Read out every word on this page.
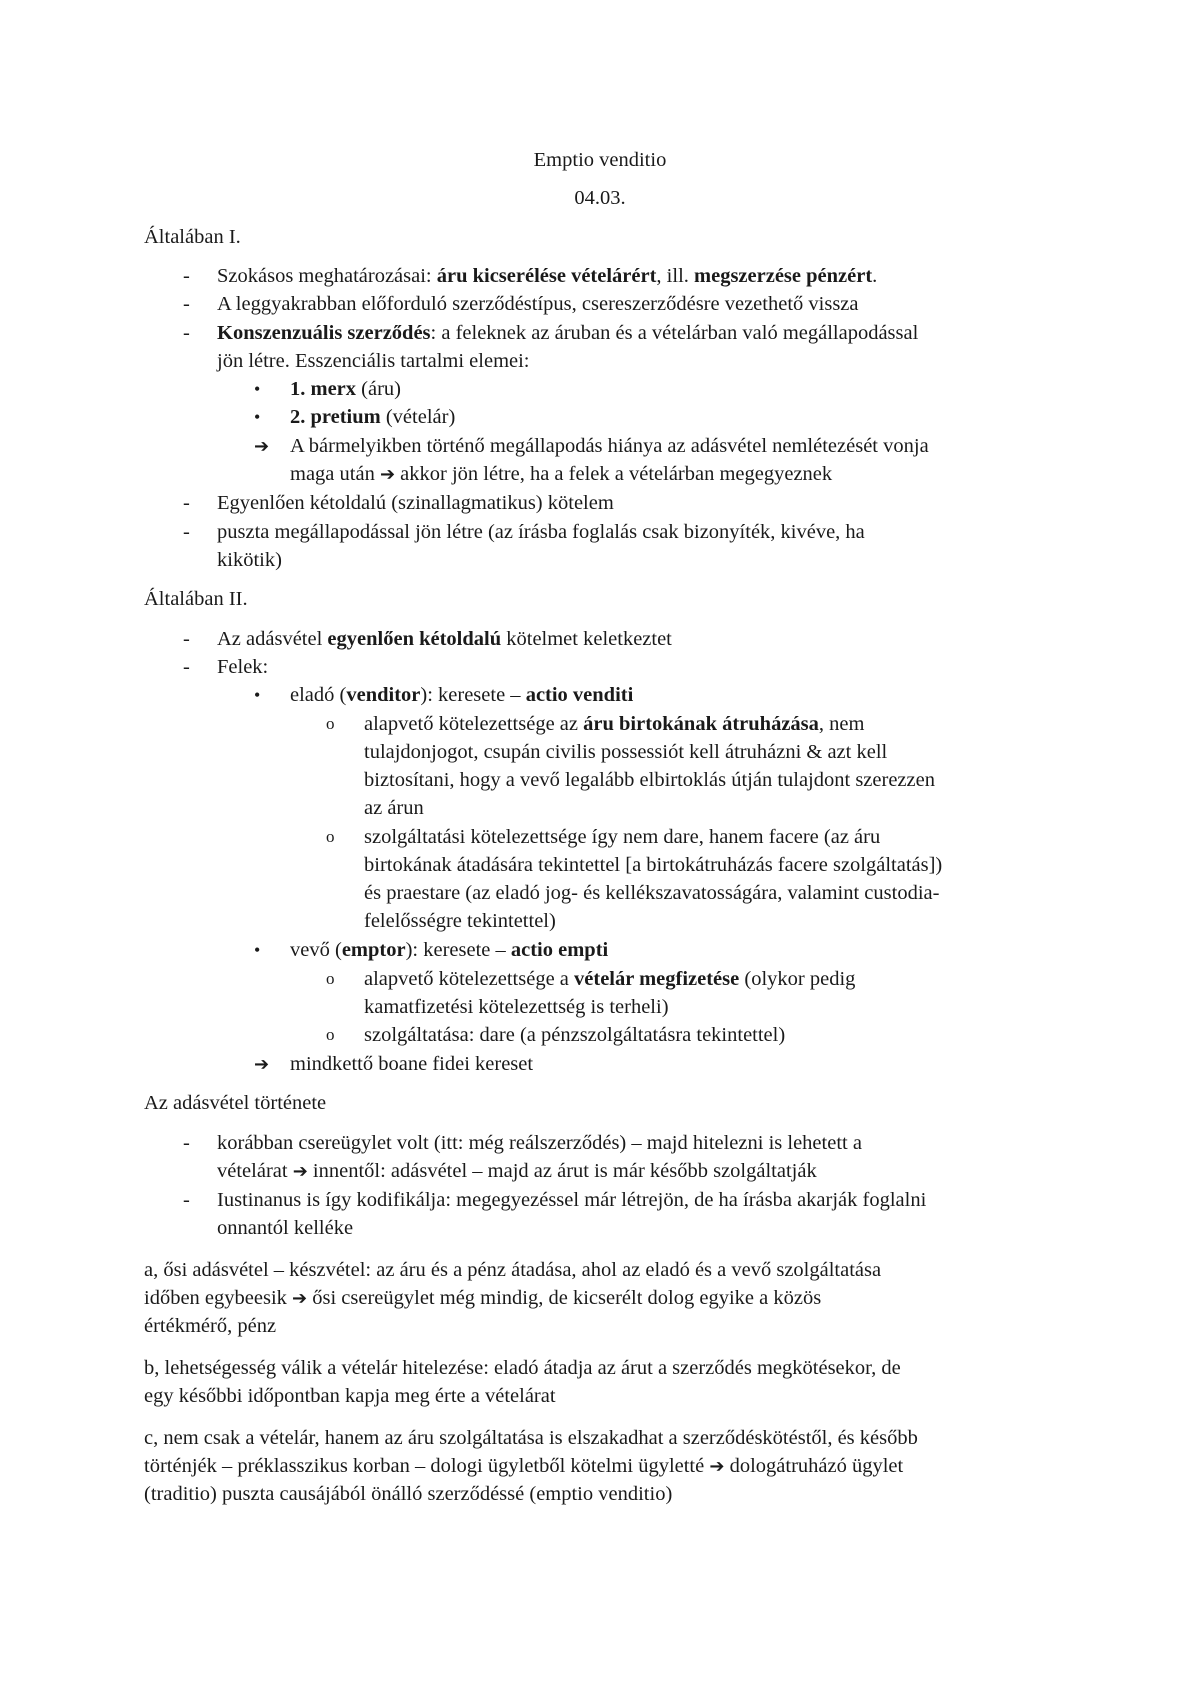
Emptio venditio
04.03.
Általában I.
- Szokásos meghatározásai: áru kicserélése vételárért, ill. megszerzése pénzért.
- A leggyakrabban előforduló szerződéstípus, csereszerződésre vezethető vissza
- Konszenzuális szerződés: a feleknek az áruban és a vételárban való megállapodással
jön létre. Esszenciális tartalmi elemei:
• 1. merx (áru)
• 2. pretium (vételár)
➔ A bármelyikben történő megállapodás hiánya az adásvétel nemlétezését vonja
maga után ➔ akkor jön létre, ha a felek a vételárban megegyeznek
- Egyenlően kétoldalú (szinallagmatikus) kötelem
- puszta megállapodással jön létre (az írásba foglalás csak bizonyíték, kivéve, ha
kikötik)
Általában II.
- Az adásvétel egyenlően kétoldalú kötelmet keletkeztet
- Felek:
• eladó (venditor): keresete – actio venditi
o alapvető kötelezettsége az áru birtokának átruházása, nem
tulajdonjogot, csupán civilis possessiót kell átruházni & azt kell
biztosítani, hogy a vevő legalább elbirtoklás útján tulajdont szerezzen
az árun
o szolgáltatási kötelezettsége így nem dare, hanem facere (az áru
birtokának átadására tekintettel [a birtokátruházás facere szolgáltatás])
és praestare (az eladó jog- és kellékszavatosságára, valamint custodia-
felelősségre tekintettel)
• vevő (emptor): keresete – actio empti
o alapvető kötelezettsége a vételár megfizetése (olykor pedig
kamatfizetési kötelezettség is terheli)
o szolgáltatása: dare (a pénzszolgáltatásra tekintettel)
➔ mindkettő boane fidei kereset
Az adásvétel története
- korábban csereügylet volt (itt: még reálszerződés) – majd hitelezni is lehetett a
vételárat ➔ innentől: adásvétel – majd az árut is már később szolgáltatják
- Iustinanus is így kodifikálja: megegyezéssel már létrejön, de ha írásba akarják foglalni
onnantól kelléke
a, ősi adásvétel – készvétel: az áru és a pénz átadása, ahol az eladó és a vevő szolgáltatása
időben egybeesik ➔ ősi csereügylet még mindig, de kicserélt dolog egyike a közös
értékmérő, pénz
b, lehetségesség válik a vételár hitelezése: eladó átadja az árut a szerződés megkötésekor, de
egy későbbi időpontban kapja meg érte a vételárat
c, nem csak a vételár, hanem az áru szolgáltatása is elszakadhat a szerződéskötéstől, és később
történjék – préklasszikus korban – dologi ügyletből kötelmi ügyletté ➔ dologátruházó ügylet
(traditio) puszta causájából önálló szerződéssé (emptio venditio)
